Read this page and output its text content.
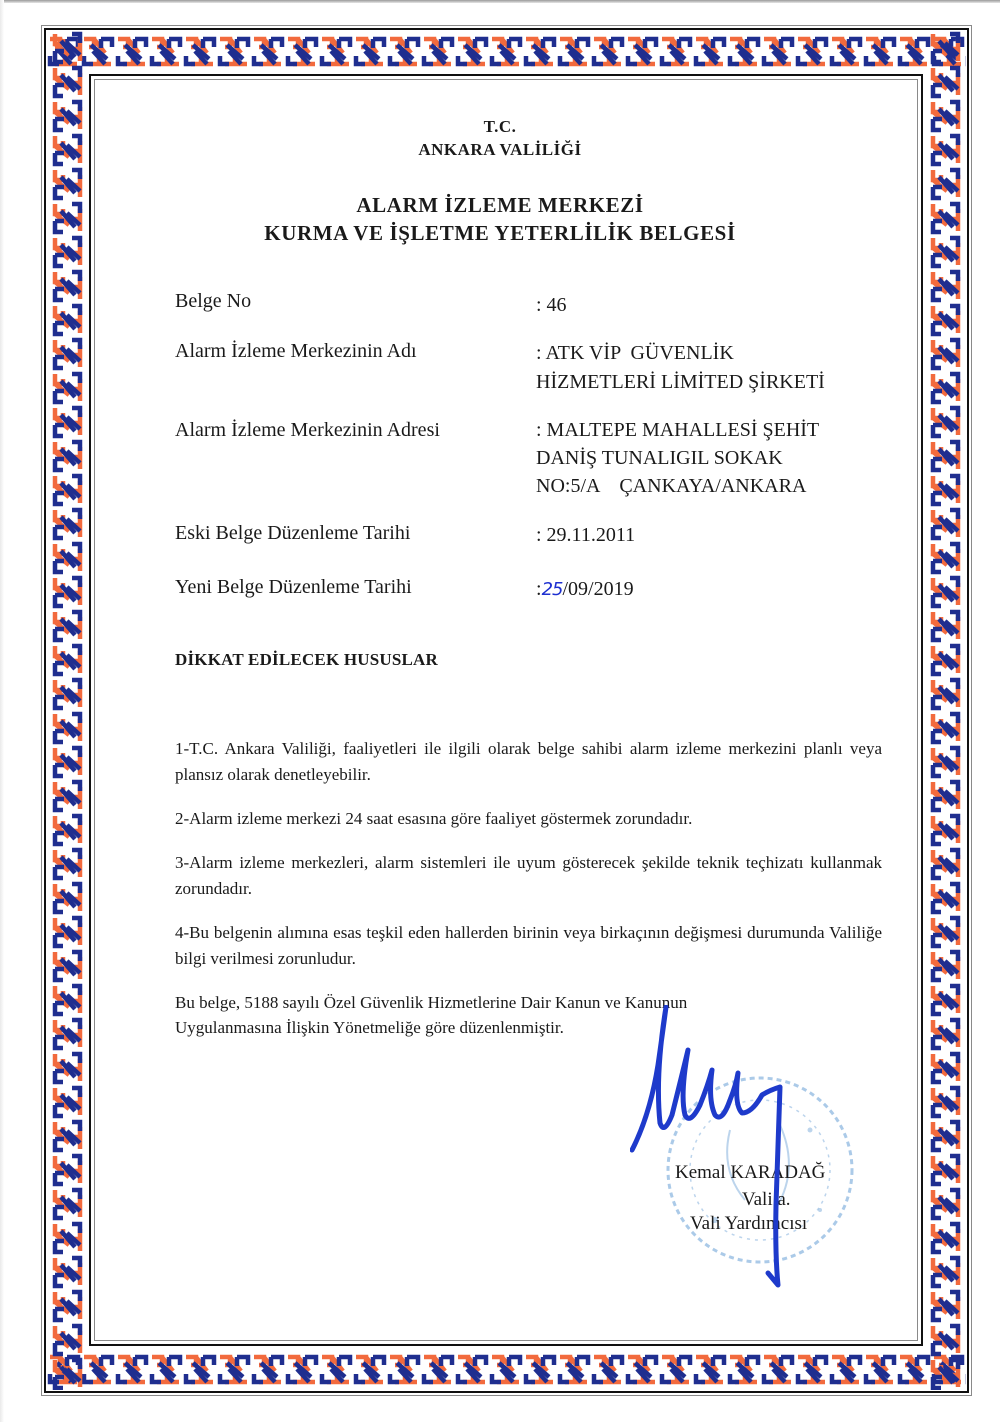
T.C.
ANKARA VALİLİĞİ
ALARM İZLEME MERKEZİ
KURMA VE İŞLETME YETERLİLİK BELGESİ
Belge No	: 46
Alarm İzleme Merkezinin Adı	: ATK VİP  GÜVENLİK
HİZMETLERİ LİMİTED ŞİRKETİ
Alarm İzleme Merkezinin Adresi	: MALTEPE MAHALLESİ ŞEHİT
DANİŞ TUNALIGIL SOKAK
NO:5/A    ÇANKAYA/ANKARA
Eski Belge Düzenleme Tarihi	: 29.11.2011
Yeni Belge Düzenleme Tarihi	:25/09/2019
DİKKAT EDİLECEK HUSUSLAR
1-T.C. Ankara Valiliği, faaliyetleri ile ilgili olarak belge sahibi alarm izleme merkezini planlı veya plansız olarak denetleyebilir.
2-Alarm izleme merkezi 24 saat esasına göre faaliyet göstermek zorundadır.
3-Alarm izleme merkezleri, alarm sistemleri ile uyum gösterecek şekilde teknik teçhizatı kullanmak zorundadır.
4-Bu belgenin alımına esas teşkil eden hallerden birinin veya birkaçının değişmesi durumunda Valiliğe bilgi verilmesi zorunludur.
Bu belge, 5188 sayılı Özel Güvenlik Hizmetlerine Dair Kanun ve Kanunun
Uygulanmasına İlişkin Yönetmeliğe göre düzenlenmiştir.
Kemal KARADAĞ
Vali a.
Vali Yardımcısı
